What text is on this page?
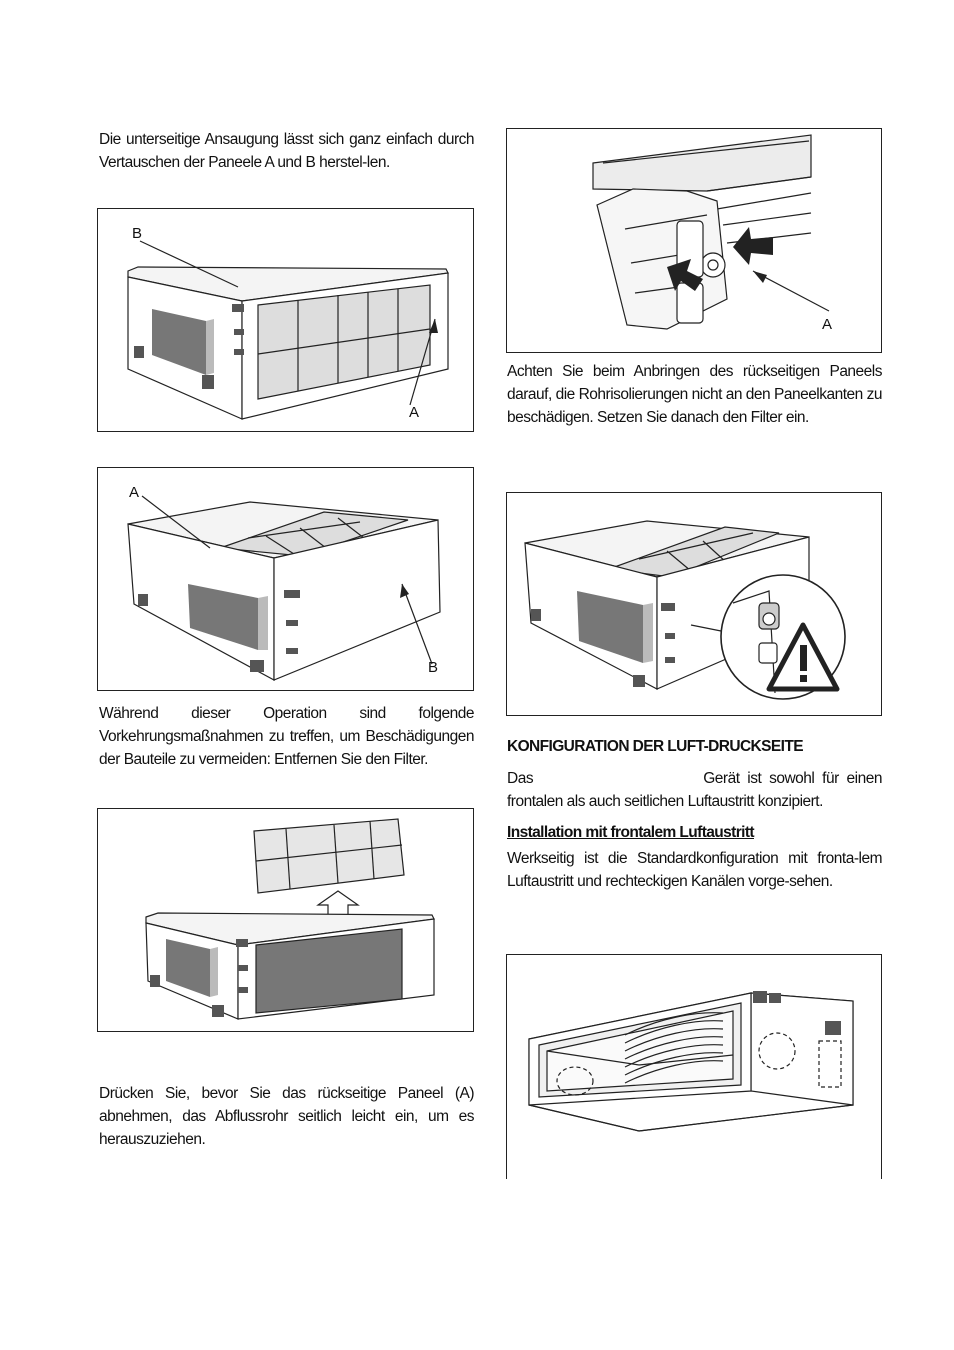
Die unterseitige Ansaugung lässt sich ganz einfach durch Vertauschen der Paneele A und B herstel-len.
B
A
A
B
Während dieser Operation sind folgende Vorkehrungsmaßnahmen zu treffen, um Beschädigungen der Bauteile zu vermeiden: Entfernen Sie den Filter.
Drücken Sie, bevor Sie das rückseitige Paneel (A) abnehmen, das Abflussrohr seitlich leicht ein, um es herauszuziehen.
A
Achten Sie beim Anbringen des rückseitigen Paneels darauf, die Rohrisolierungen nicht an den Paneelkanten zu beschädigen. Setzen Sie danach den Filter ein.
KONFIGURATION DER LUFT-DRUCKSEITE
Das	Gerät ist sowohl für einen
frontalen als auch seitlichen Luftaustritt konzipiert.
Installation mit frontalem Luftaustritt
Werkseitig ist die Standardkonfiguration mit fronta-lem Luftaustritt und rechteckigen Kanälen vorge-sehen.
